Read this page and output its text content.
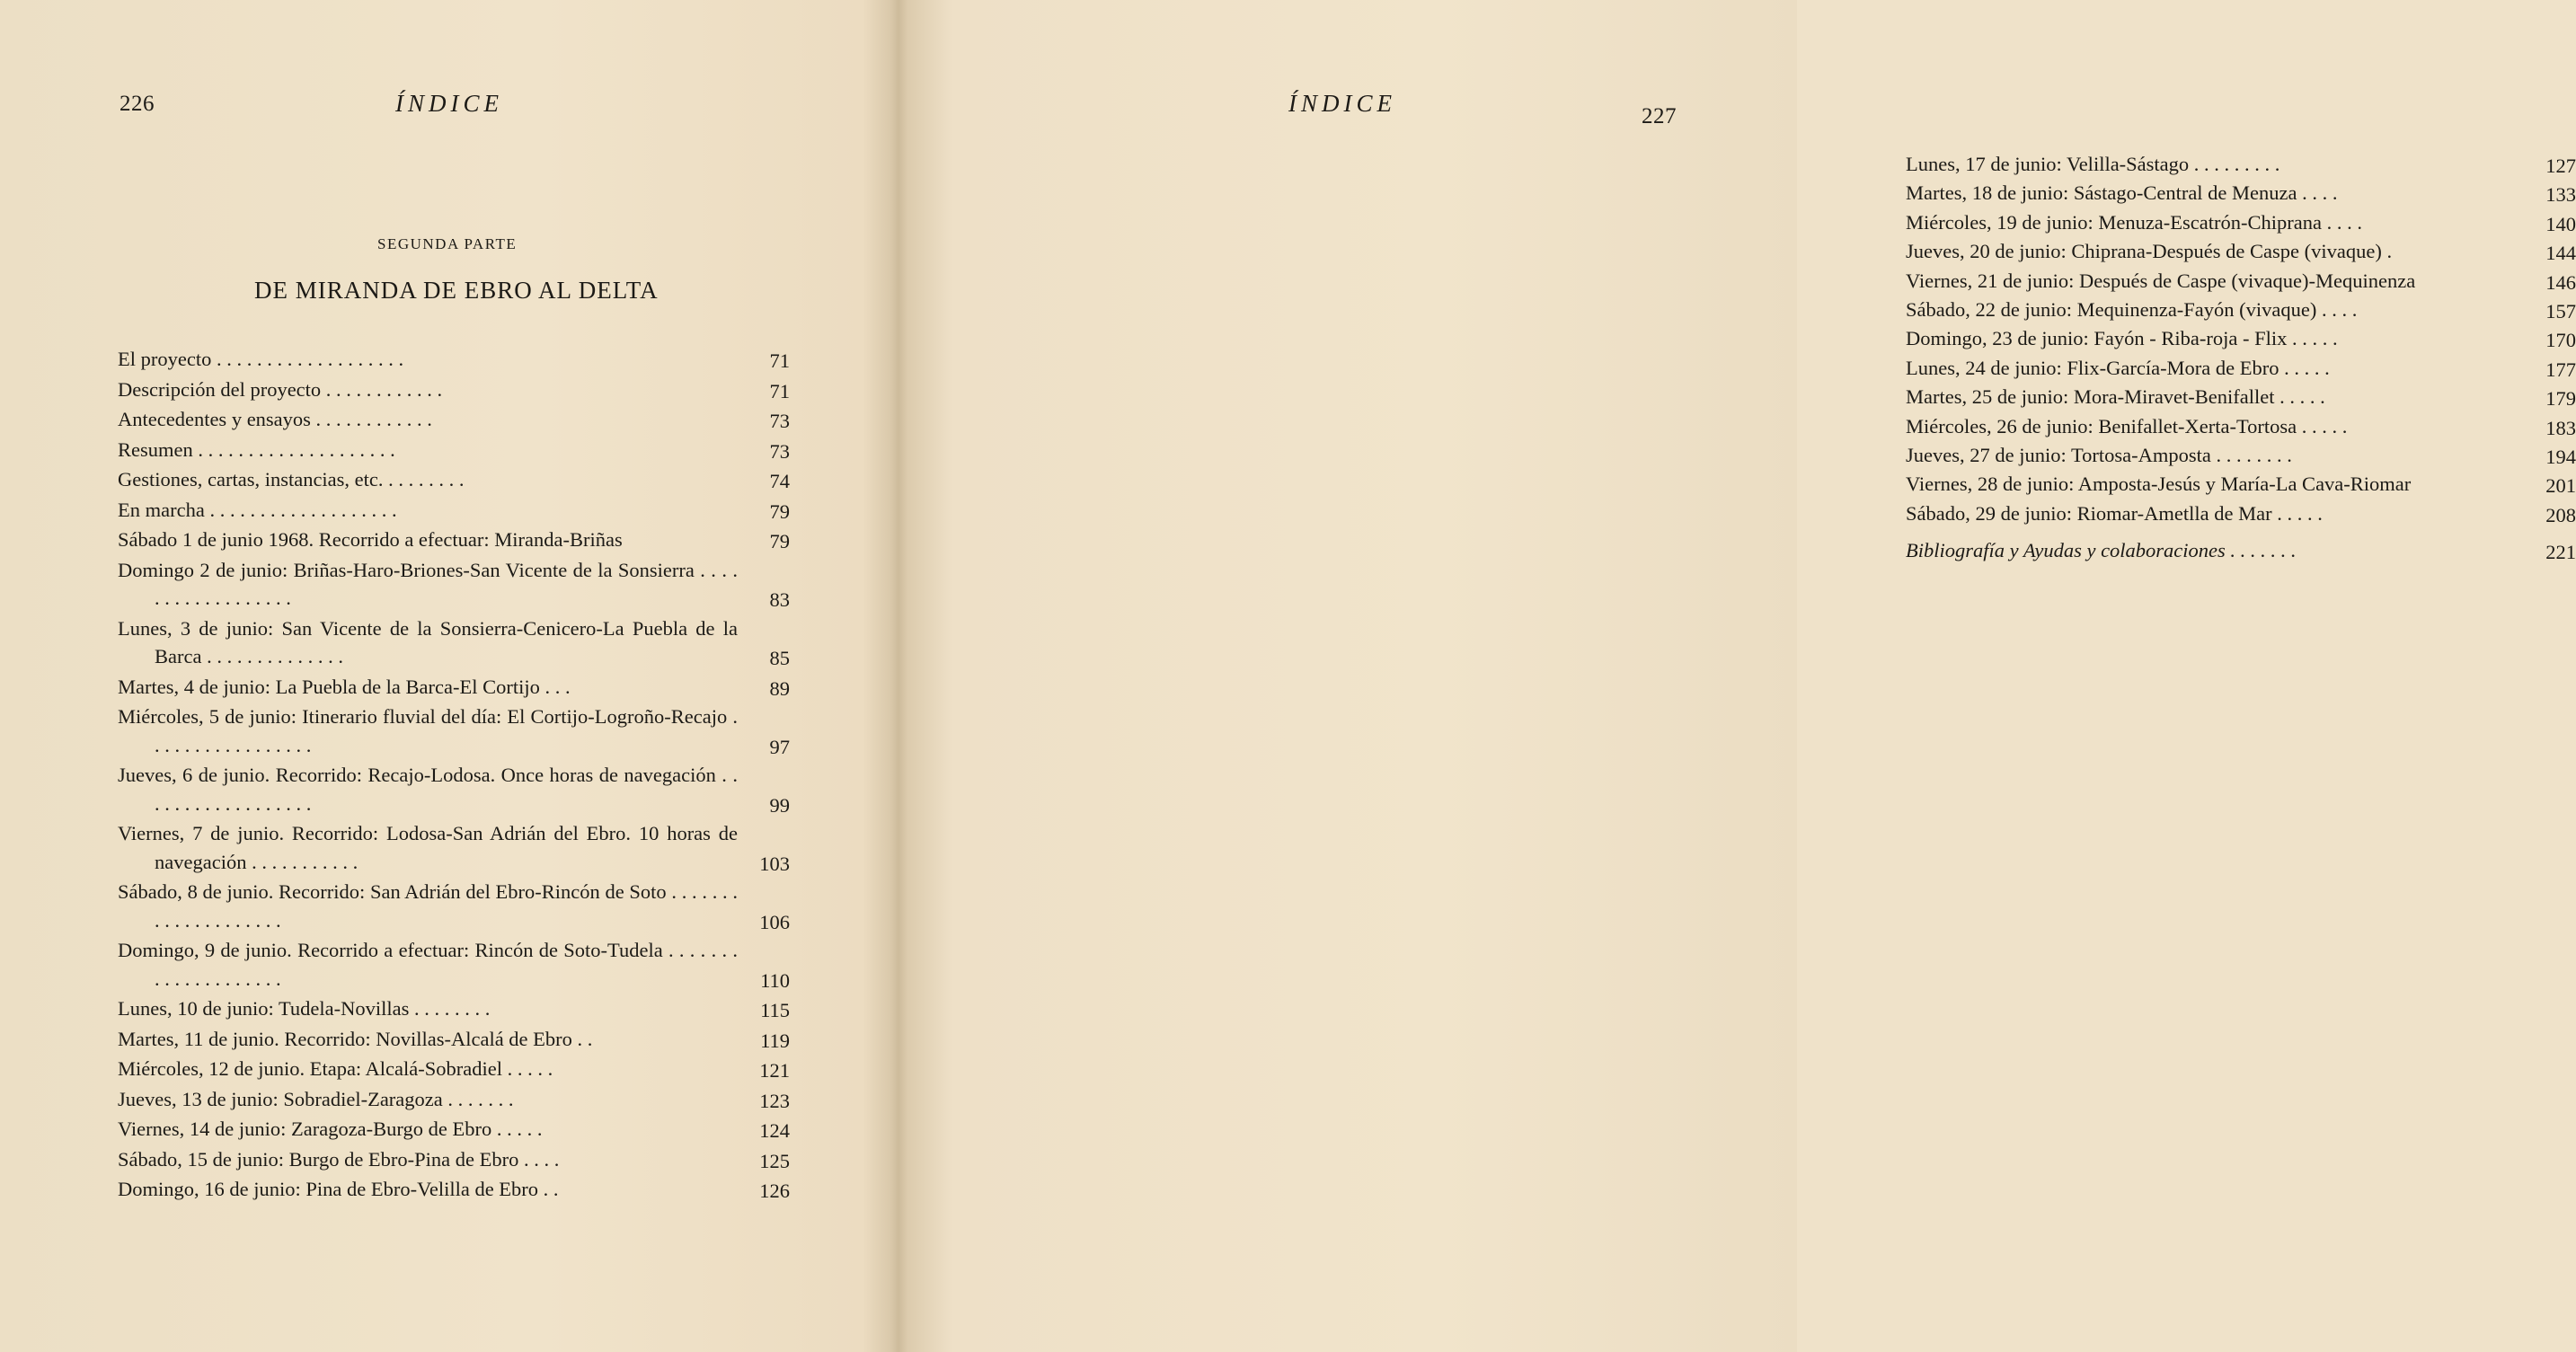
226	ÍNDICE
SEGUNDA PARTE
DE MIRANDA DE EBRO AL DELTA
El proyecto . . . . . . . . . . . . . . . . . . .	71
Descripción del proyecto . . . . . . . . . . . .	71
Antecedentes y ensayos . . . . . . . . . . . .	73
Resumen . . . . . . . . . . . . . . . . . . . .	73
Gestiones, cartas, instancias, etc. . . . . . . . .	74
En marcha . . . . . . . . . . . . . . . . . . .	79
Sábado 1 de junio 1968. Recorrido a efectuar: Miranda-Briñas	79
Domingo 2 de junio: Briñas-Haro-Briones-San Vicente de la Sonsierra . . . . . . . . . . . . . . . . . .	83
Lunes, 3 de junio: San Vicente de la Sonsierra-Cenicero-La Puebla de la Barca . . . . . . . . . . . . . .	85
Martes, 4 de junio: La Puebla de la Barca-El Cortijo . . .	89
Miércoles, 5 de junio: Itinerario fluvial del día: El Cortijo-Logroño-Recajo . . . . . . . . . . . . . . . . .	97
Jueves, 6 de junio. Recorrido: Recajo-Lodosa. Once horas de navegación . . . . . . . . . . . . . . . . . .	99
Viernes, 7 de junio. Recorrido: Lodosa-San Adrián del Ebro. 10 horas de navegación . . . . . . . . . . .	103
Sábado, 8 de junio. Recorrido: San Adrián del Ebro-Rincón de Soto . . . . . . . . . . . . . . . . . . . .	106
Domingo, 9 de junio. Recorrido a efectuar: Rincón de Soto-Tudela . . . . . . . . . . . . . . . . . . . .	110
Lunes, 10 de junio: Tudela-Novillas . . . . . . . .	115
Martes, 11 de junio. Recorrido: Novillas-Alcalá de Ebro . .	119
Miércoles, 12 de junio. Etapa: Alcalá-Sobradiel . . . . .	121
Jueves, 13 de junio: Sobradiel-Zaragoza . . . . . . .	123
Viernes, 14 de junio: Zaragoza-Burgo de Ebro . . . . .	124
Sábado, 15 de junio: Burgo de Ebro-Pina de Ebro . . . .	125
Domingo, 16 de junio: Pina de Ebro-Velilla de Ebro . .	126
ÍNDICE	227
Lunes, 17 de junio: Velilla-Sástago . . . . . . . . .	127
Martes, 18 de junio: Sástago-Central de Menuza . . . .	133
Miércoles, 19 de junio: Menuza-Escatrón-Chiprana . . . .	140
Jueves, 20 de junio: Chiprana-Después de Caspe (vivaque) .	144
Viernes, 21 de junio: Después de Caspe (vivaque)-Mequinenza	146
Sábado, 22 de junio: Mequinenza-Fayón (vivaque) . . . .	157
Domingo, 23 de junio: Fayón - Riba-roja - Flix . . . . .	170
Lunes, 24 de junio: Flix-García-Mora de Ebro . . . . .	177
Martes, 25 de junio: Mora-Miravet-Benifallet . . . . .	179
Miércoles, 26 de junio: Benifallet-Xerta-Tortosa . . . . .	183
Jueves, 27 de junio: Tortosa-Amposta . . . . . . . .	194
Viernes, 28 de junio: Amposta-Jesús y María-La Cava-Riomar	201
Sábado, 29 de junio: Riomar-Ametlla de Mar . . . . .	208
Bibliografía y Ayudas y colaboraciones . . . . . . .	221
